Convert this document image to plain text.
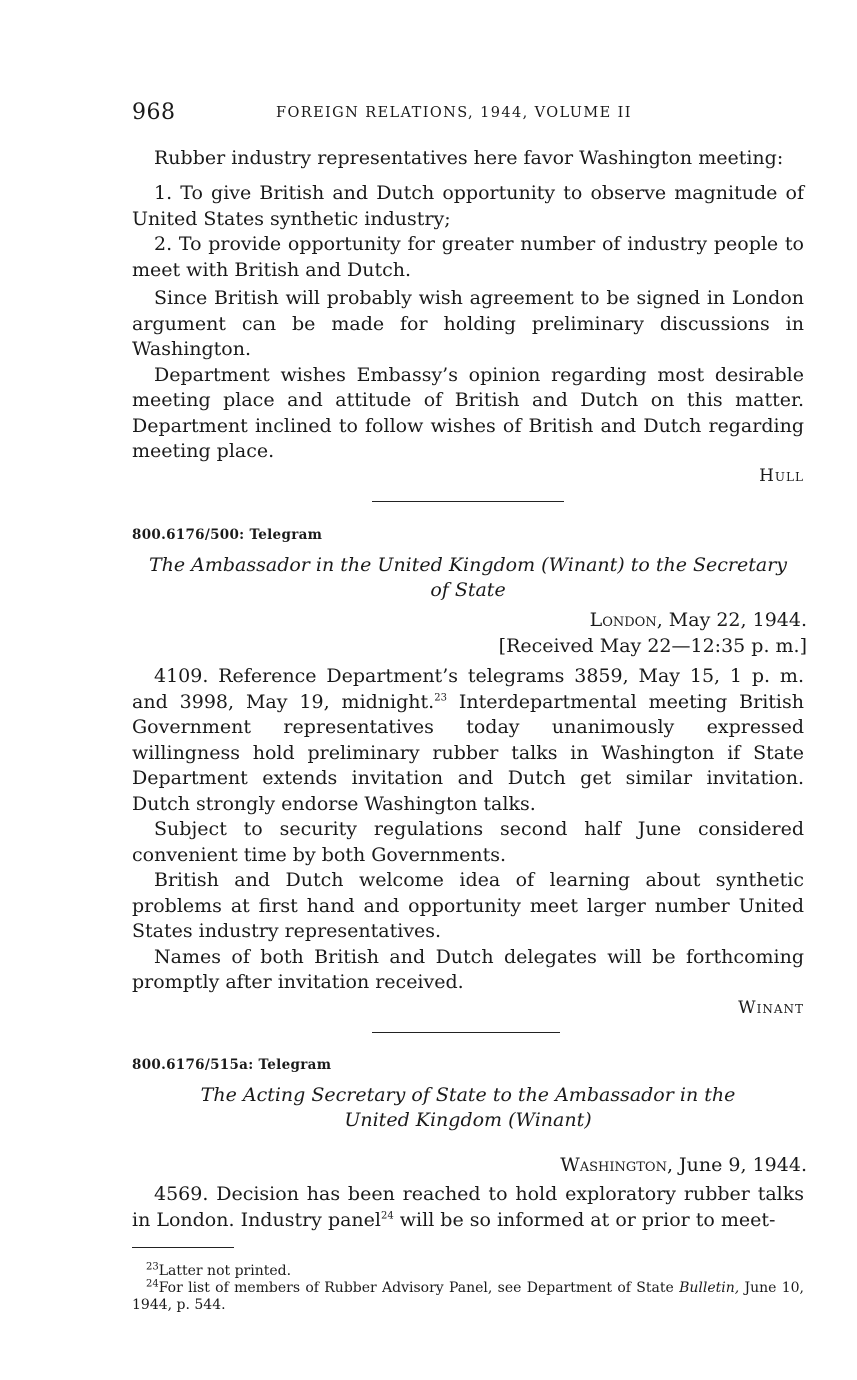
968	FOREIGN RELATIONS, 1944, VOLUME II

Rubber industry representatives here favor Washington meeting:

1. To give British and Dutch opportunity to observe magnitude of United States synthetic industry;

2. To provide opportunity for greater number of industry people to meet with British and Dutch.

Since British will probably wish agreement to be signed in London argument can be made for holding preliminary discussions in Washington.

Department wishes Embassy’s opinion regarding most desirable meeting place and attitude of British and Dutch on this matter. Department inclined to follow wishes of British and Dutch regarding meeting place.

Hull
800.6176/500: Telegram

The Ambassador in the United Kingdom (Winant) to the Secretary

of State

London, May 22, 1944.

[Received May 22—12:35 p. m.]

4109. Reference Department’s telegrams 3859, May 15, 1 p. m. and 3998, May 19, midnight.$^{23}$ Interdepartmental meeting British Government representatives today unanimously expressed willingness hold preliminary rubber talks in Washington if State Department extends invitation and Dutch get similar invitation. Dutch strongly endorse Washington talks.

Subject to security regulations second half June considered convenient time by both Governments.

British and Dutch welcome idea of learning about synthetic problems at first hand and opportunity meet larger number United States industry representatives.

Names of both British and Dutch delegates will be forthcoming promptly after invitation received.

Winant
800.6176/515a: Telegram

The Acting Secretary of State to the Ambassador in the

United Kingdom (Winant)

Washington, June 9, 1944.

4569. Decision has been reached to hold exploratory rubber talks in London. Industry panel$^{24}$ will be so informed at or prior to meet-

$^{23}$Latter not printed.

$^{24}$For list of members of Rubber Advisory Panel, see Department of State Bulletin, June 10, 1944, p. 544.
